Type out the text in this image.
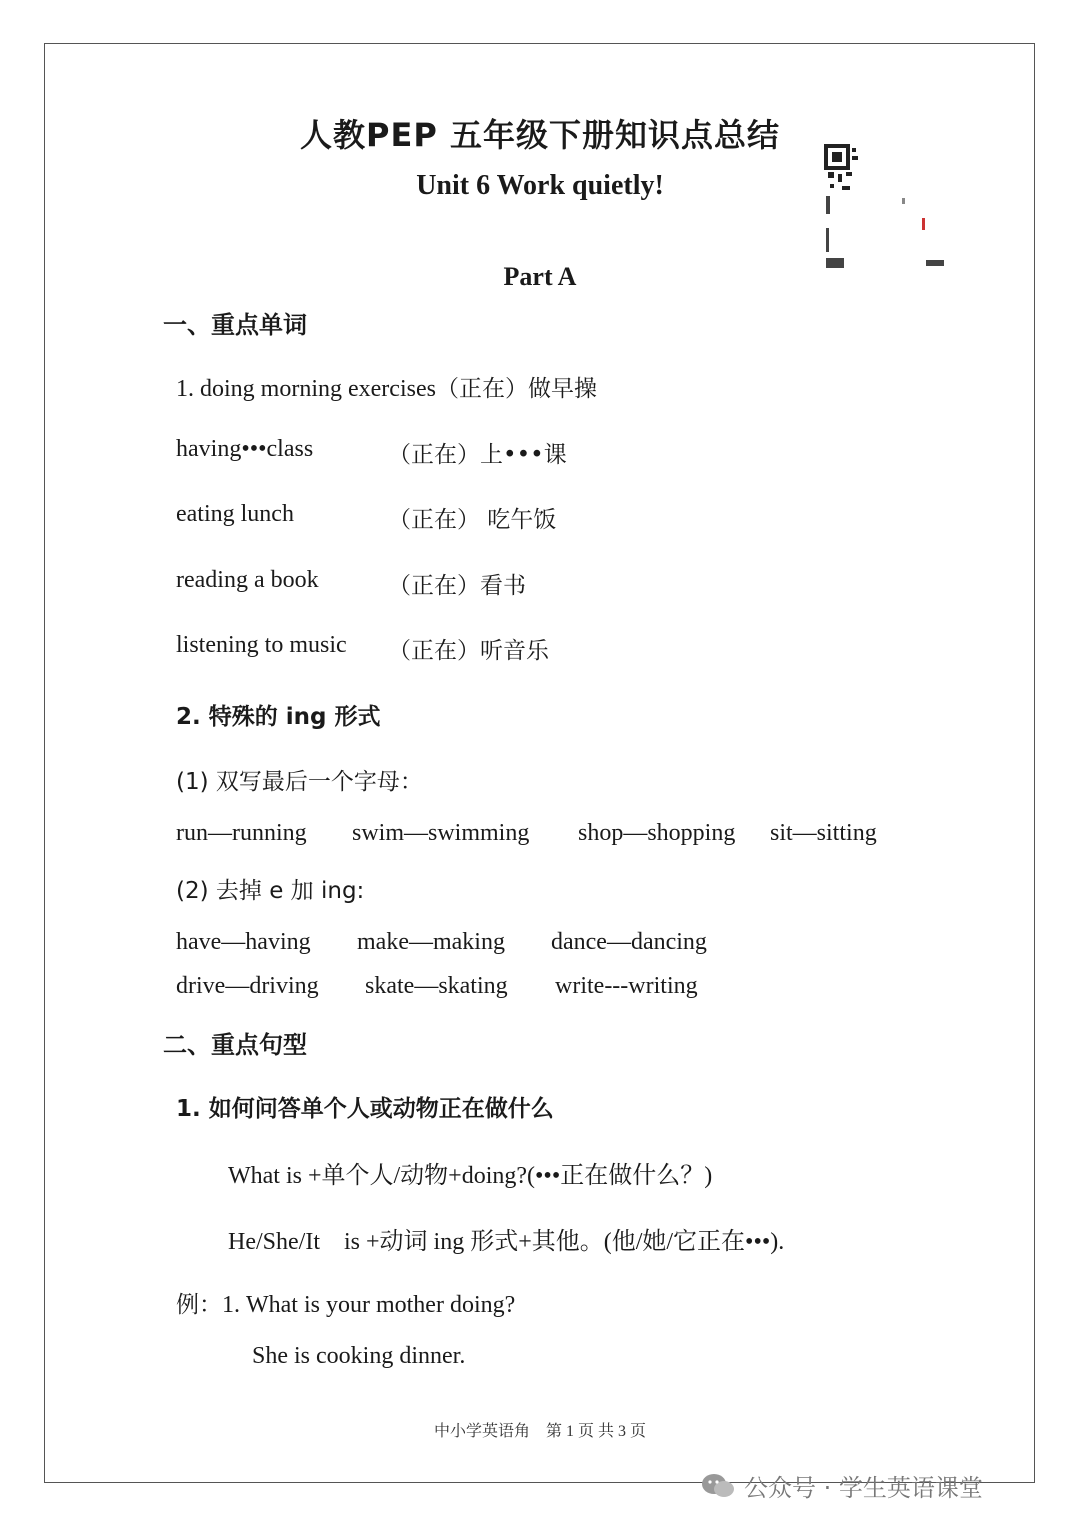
人教PEP 五年级下册知识点总结
Unit 6 Work quietly!
Part A
一、重点单词
1. doing morning exercises（正在）做早操
having•••class	（正在）上•••课
eating lunch	（正在） 吃午饭
reading a book	（正在）看书
listening to music （正在）听音乐
2. 特殊的 ing 形式
(1) 双写最后一个字母：
run—running swim—swimming shop—shopping sit—sitting
(2) 去掉 e 加 ing:
have—having make—making dance—dancing
drive—driving skate—skating write---writing
二、重点句型
1. 如何问答单个人或动物正在做什么
What is +单个人/动物+doing?(•••正在做什么？)
He/She/It    is +动词 ing 形式+其他。(他/她/它正在•••).
例：1. What is your mother doing?
She is cooking dinner.
中小学英语角    第 1 页 共 3 页
公众号 · 学生英语课堂
